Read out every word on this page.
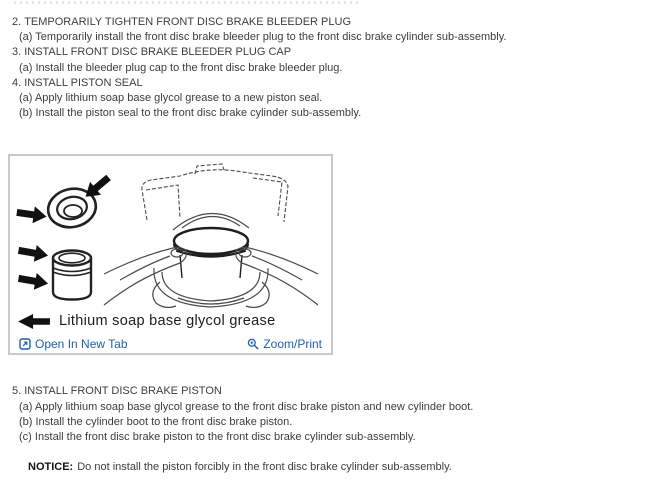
2. TEMPORARILY TIGHTEN FRONT DISC BRAKE BLEEDER PLUG
(a) Temporarily install the front disc brake bleeder plug to the front disc brake cylinder sub-assembly.
3. INSTALL FRONT DISC BRAKE BLEEDER PLUG CAP
(a) Install the bleeder plug cap to the front disc brake bleeder plug.
4. INSTALL PISTON SEAL
(a) Apply lithium soap base glycol grease to a new piston seal.
(b) Install the piston seal to the front disc brake cylinder sub-assembly.
Lithium soap base glycol grease
Open In New Tab	Zoom/Print
5. INSTALL FRONT DISC BRAKE PISTON
(a) Apply lithium soap base glycol grease to the front disc brake piston and new cylinder boot.
(b) Install the cylinder boot to the front disc brake piston.
(c) Install the front disc brake piston to the front disc brake cylinder sub-assembly.
NOTICE: Do not install the piston forcibly in the front disc brake cylinder sub-assembly.
